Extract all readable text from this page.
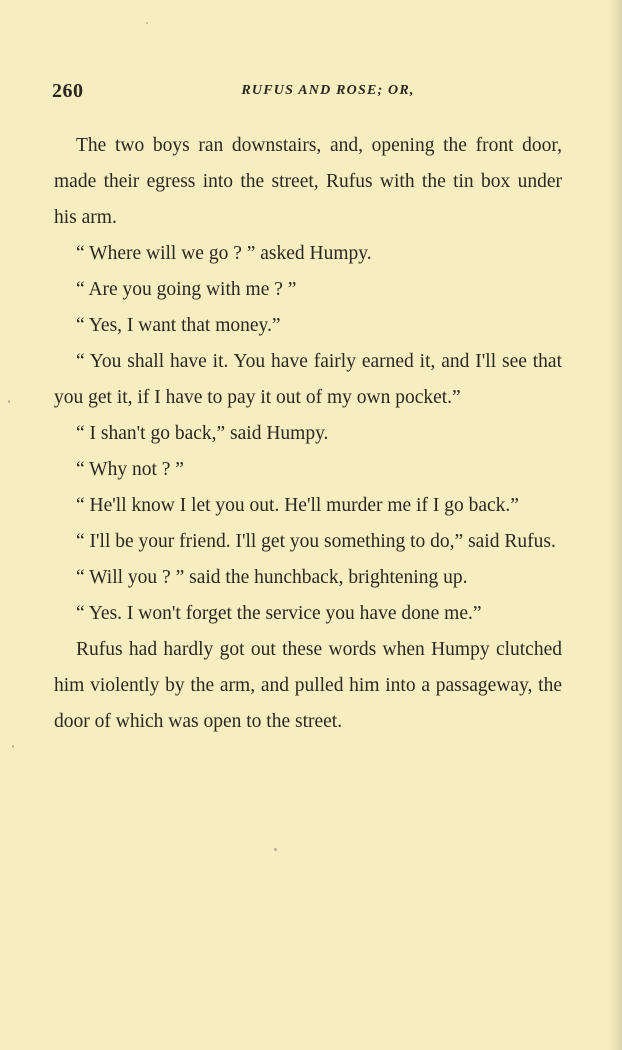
260	RUFUS AND ROSE; OR,

The two boys ran downstairs, and, opening the front door, made their egress into the street, Rufus with the tin box under his arm.

“ Where will we go ? ” asked Humpy.

“ Are you going with me ? ”

“ Yes, I want that money.”

“ You shall have it. You have fairly earned it, and I'll see that you get it, if I have to pay it out of my own pocket.”

“ I shan't go back,” said Humpy.

“ Why not ? ”

“ He'll know I let you out. He'll murder me if I go back.”

“ I'll be your friend. I'll get you something to do,” said Rufus.

“ Will you ? ” said the hunchback, brightening up.

“ Yes. I won't forget the service you have done me.”

Rufus had hardly got out these words when Humpy clutched him violently by the arm, and pulled him into a passageway, the door of which was open to the street.
